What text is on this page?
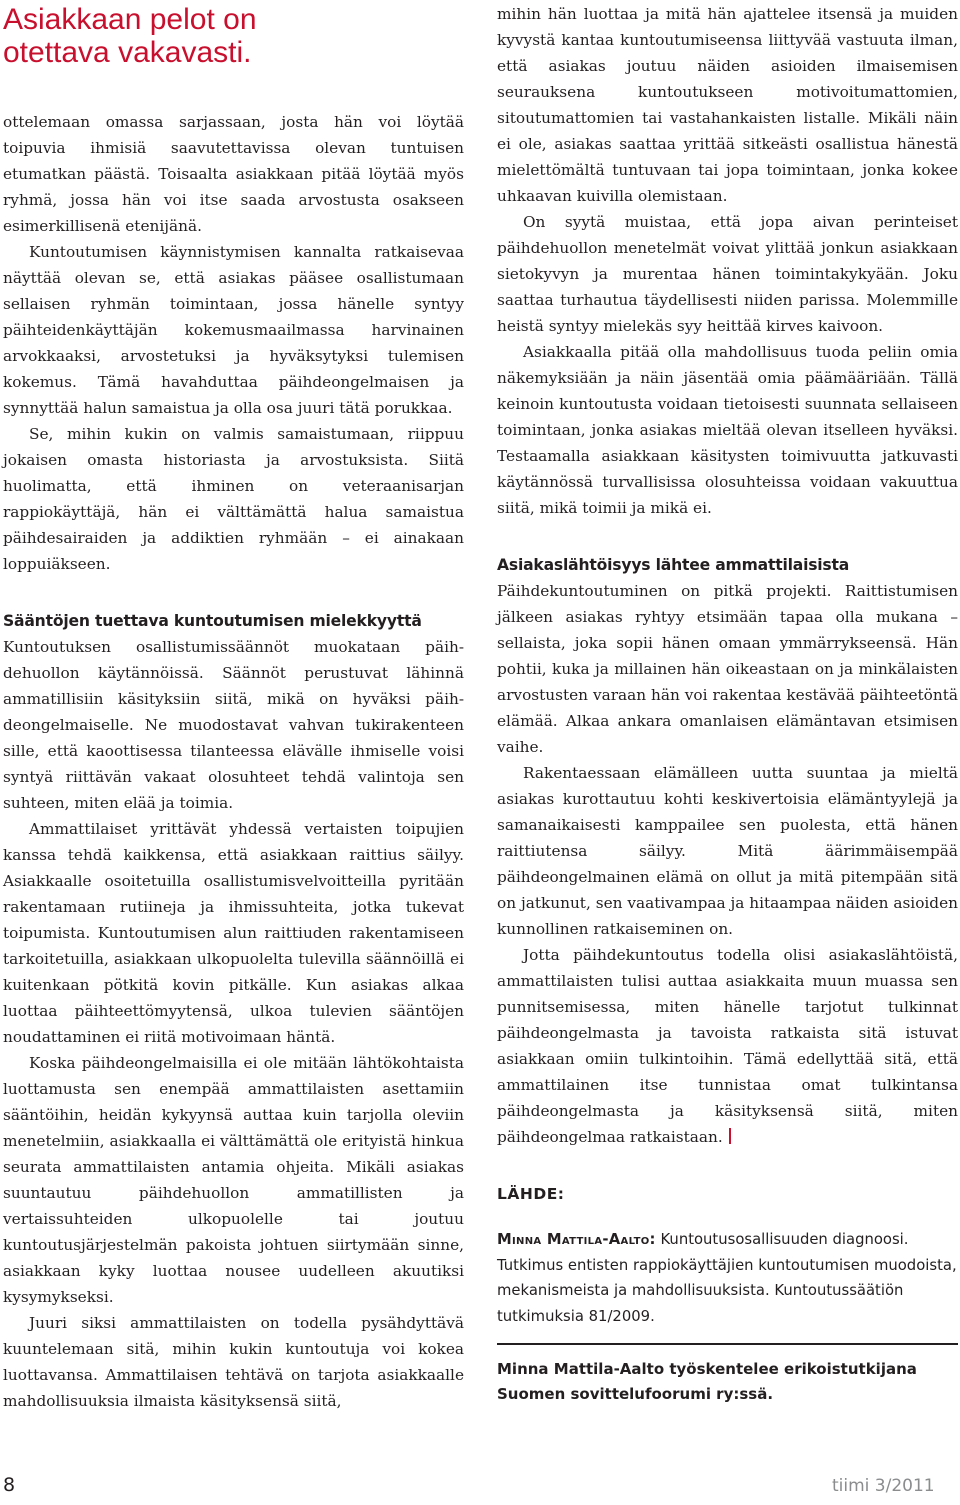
Asiakkaan pelot on
otettava vakavasti.

ottelemaan omassa sarjassaan, josta hän voi löytää toipuvia ihmisiä saavutettavissa olevan tuntuisen etumatkan päästä. Toisaalta asiakkaan pitää löytää myös ryhmä, jossa hän voi itse saada arvostusta osakseen esimerkillisenä etenijänä.

Kuntoutumisen käynnistymisen kannalta ratkaisevaa näyttää olevan se, että asiakas pääsee osallistumaan sellaisen ryhmän toimintaan, jossa hänelle syntyy päihteidenkäyttäjän kokemusmaailmassa harvinainen arvokkaaksi, arvostetuksi ja hyväksytyksi tulemisen kokemus. Tämä havahduttaa päihdeongelmaisen ja synnyttää halun samaistua ja olla osa juuri tätä porukkaa.

Se, mihin kukin on valmis samaistumaan, riippuu jokaisen omasta historiasta ja arvostuksista. Siitä huolimatta, että ihminen on veteraanisarjan rappiokäyttäjä, hän ei välttämättä halua samaistua päihdesairaiden ja addiktien ryhmään – ei ainakaan loppuiäkseen.

Sääntöjen tuettava kuntoutumisen mielekkyyttä

Kuntoutuksen osallistumissäännöt muokataan päihdehuollon käytännöissä. Säännöt perustuvat lähinnä ammatillisiin käsityksiin siitä, mikä on hyväksi päihdeongelmaiselle. Ne muodostavat vahvan tukirakenteen sille, että kaoottisessa tilanteessa elävälle ihmiselle voisi syntyä riittävän vakaat olosuhteet tehdä valintoja sen suhteen, miten elää ja toimia.

Ammattilaiset yrittävät yhdessä vertaisten toipujien kanssa tehdä kaikkensa, että asiakkaan raittius säilyy. Asiakkaalle osoitetuilla osallistumisvelvoitteilla pyritään rakentamaan rutiineja ja ihmissuhteita, jotka tukevat toipumista. Kuntoutumisen alun raittiuden rakentamiseen tarkoitetuilla, asiakkaan ulkopuolelta tulevilla säännöillä ei kuitenkaan pötkitä kovin pitkälle. Kun asiakas alkaa luottaa päihteettömyytensä, ulkoa tulevien sääntöjen noudattaminen ei riitä motivoimaan häntä.

Koska päihdeongelmaisilla ei ole mitään lähtökohtaista luottamusta sen enempää ammattilaisten asettamiin sääntöihin, heidän kykyynsä auttaa kuin tarjolla oleviin menetelmiin, asiakkaalla ei välttämättä ole erityistä hinkua seurata ammattilaisten antamia ohjeita. Mikäli asiakas suuntautuu päihdehuollon ammatillisten ja vertaissuhteiden ulkopuolelle tai joutuu kuntoutusjärjestelmän pakoista johtuen siirtymään sinne, asiakkaan kyky luottaa nousee uudelleen akuutiksi kysymykseksi.

Juuri siksi ammattilaisten on todella pysähdyttävä kuuntelemaan sitä, mihin kukin kuntoutuja voi kokea luottavansa. Ammattilaisen tehtävä on tarjota asiakkaalle mahdollisuuksia ilmaista käsityksensä siitä,

mihin hän luottaa ja mitä hän ajattelee itsensä ja muiden kyvystä kantaa kuntoutumiseensa liittyvää vastuuta ilman, että asiakas joutuu näiden asioiden ilmaisemisen seurauksena kuntoutukseen motivoitumattomien, sitoutumattomien tai vastahankaisten listalle. Mikäli näin ei ole, asiakas saattaa yrittää sitkeästi osallistua hänestä mielettömältä tuntuvaan tai jopa toimintaan, jonka kokee uhkaavan kuivilla olemistaan.

On syytä muistaa, että jopa aivan perinteiset päihdehuollon menetelmät voivat ylittää jonkun asiakkaan sietokyvyn ja murentaa hänen toimintakykyään. Joku saattaa turhautua täydellisesti niiden parissa. Molemmille heistä syntyy mielekäs syy heittää kirves kaivoon.

Asiakkaalla pitää olla mahdollisuus tuoda peliin omia näkemyksiään ja näin jäsentää omia päämääriään. Tällä keinoin kuntoutusta voidaan tietoisesti suunnata sellaiseen toimintaan, jonka asiakas mieltää olevan itselleen hyväksi. Testaamalla asiakkaan käsitysten toimivuutta jatkuvasti käytännössä turvallisissa olosuhteissa voidaan vakuuttua siitä, mikä toimii ja mikä ei.

Asiakaslähtöisyys lähtee ammattilaisista

Päihdekuntoutuminen on pitkä projekti. Raittistumisen jälkeen asiakas ryhtyy etsimään tapaa olla mukana – sellaista, joka sopii hänen omaan ymmärrykseensä. Hän pohtii, kuka ja millainen hän oikeastaan on ja minkälaisten arvostusten varaan hän voi rakentaa kestävää päihteetöntä elämää. Alkaa ankara omanlaisen elämäntavan etsimisen vaihe.

Rakentaessaan elämälleen uutta suuntaa ja mieltä asiakas kurottautuu kohti keskivertoisia elämäntyylejä ja samanaikaisesti kamppailee sen puolesta, että hänen raittiutensa säilyy. Mitä äärimmäisempää päihdeongelmainen elämä on ollut ja mitä pitempään sitä on jatkunut, sen vaativampaa ja hitaampaa näiden asioiden kunnollinen ratkaiseminen on.

Jotta päihdekuntoutus todella olisi asiakaslähtöistä, ammattilaisten tulisi auttaa asiakkaita muun muassa sen punnitsemisessa, miten hänelle tarjotut tulkinnat päihdeongelmasta ja tavoista ratkaista sitä istuvat asiakkaan omiin tulkintoihin. Tämä edellyttää sitä, että ammattilainen itse tunnistaa omat tulkintansa päihdeongelmasta ja käsityksensä siitä, miten päihdeongelmaa ratkaistaan.

LÄHDE:

Minna Mattila-Aalto: Kuntoutusosallisuuden diagnoosi. Tutkimus entisten rappiokäyttäjien kuntoutumisen muodoista, mekanismeista ja mahdollisuuksista. Kuntoutussäätiön tutkimuksia 81/2009.

Minna Mattila-Aalto työskentelee erikoistutkijana Suomen sovittelufoorumi ry:ssä.

8	tiimi 3/2011
